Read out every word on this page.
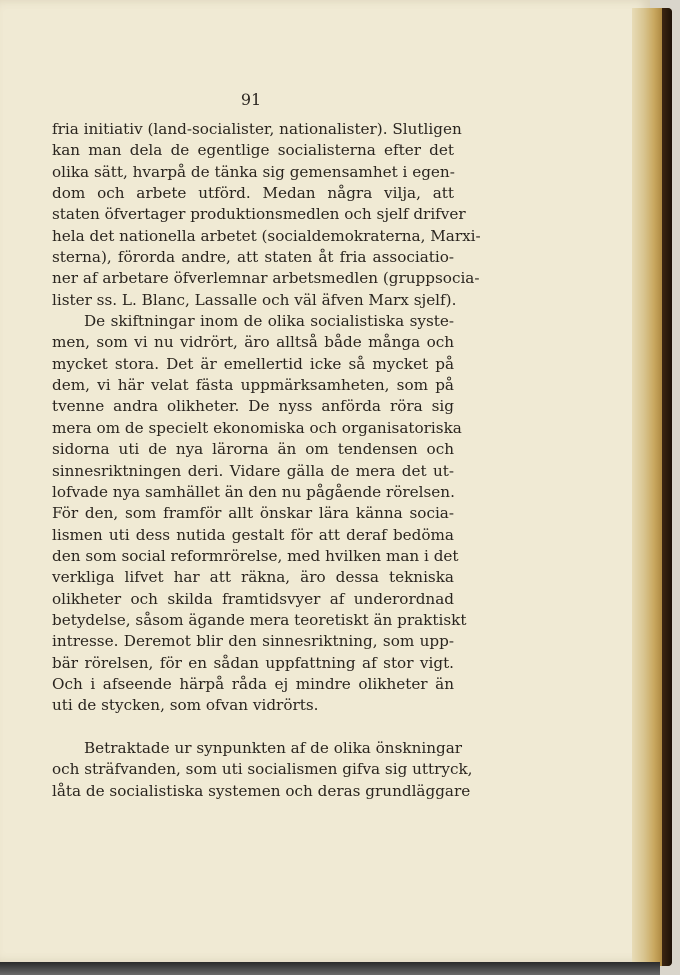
91
fria initiativ (land-socialister, nationalister). Slutligen
kan man dela de egentlige socialisterna efter det
olika sätt, hvarpå de tänka sig gemensamhet i egen-
dom och arbete utförd. Medan några vilja, att
staten öfvertager produktionsmedlen och sjelf drifver
hela det nationella arbetet (socialdemokraterna, Marxi-
sterna), förorda andre, att staten åt fria associatio-
ner af arbetare öfverlemnar arbetsmedlen (gruppsocia-
lister ss. L. Blanc, Lassalle och väl äfven Marx sjelf).
De skiftningar inom de olika socialistiska syste-
men, som vi nu vidrört, äro alltså både många och
mycket stora. Det är emellertid icke så mycket på
dem, vi här velat fästa uppmärksamheten, som på
tvenne andra olikheter. De nyss anförda röra sig
mera om de specielt ekonomiska och organisatoriska
sidorna uti de nya lärorna än om tendensen och
sinnesriktningen deri. Vidare gälla de mera det ut-
lofvade nya samhället än den nu pågående rörelsen.
För den, som framför allt önskar lära känna socia-
lismen uti dess nutida gestalt för att deraf bedöma
den som social reformrörelse, med hvilken man i det
verkliga lifvet har att räkna, äro dessa tekniska
olikheter och skilda framtidsvyer af underordnad
betydelse, såsom ägande mera teoretiskt än praktiskt
intresse. Deremot blir den sinnesriktning, som upp-
bär rörelsen, för en sådan uppfattning af stor vigt.
Och i afseende härpå råda ej mindre olikheter än
uti de stycken, som ofvan vidrörts.
Betraktade ur synpunkten af de olika önskningar
och sträfvanden, som uti socialismen gifva sig uttryck,
låta de socialistiska systemen och deras grundläggare
